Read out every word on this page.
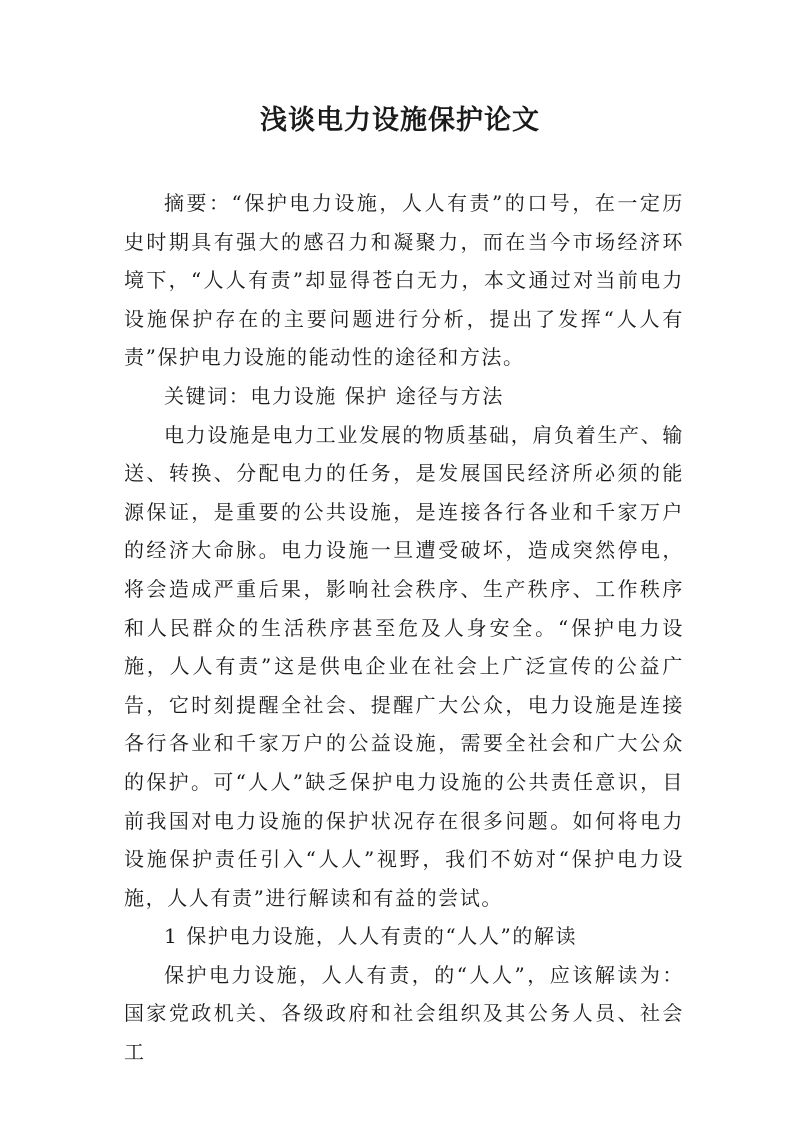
浅谈电力设施保护论文

摘要：“保护电力设施，人人有责”的口号，在一定历史时期具有强大的感召力和凝聚力，而在当今市场经济环境下，“人人有责”却显得苍白无力，本文通过对当前电力设施保护存在的主要问题进行分析，提出了发挥“人人有责”保护电力设施的能动性的途径和方法。

关键词：电力设施 保护 途径与方法

电力设施是电力工业发展的物质基础，肩负着生产、输送、转换、分配电力的任务，是发展国民经济所必须的能源保证，是重要的公共设施，是连接各行各业和千家万户的经济大命脉。电力设施一旦遭受破坏，造成突然停电，将会造成严重后果，影响社会秩序、生产秩序、工作秩序和人民群众的生活秩序甚至危及人身安全。“保护电力设施，人人有责”这是供电企业在社会上广泛宣传的公益广告，它时刻提醒全社会、提醒广大公众，电力设施是连接各行各业和千家万户的公益设施，需要全社会和广大公众的保护。可“人人”缺乏保护电力设施的公共责任意识，目前我国对电力设施的保护状况存在很多问题。如何将电力设施保护责任引入“人人”视野，我们不妨对“保护电力设施，人人有责”进行解读和有益的尝试。

1 保护电力设施，人人有责的“人人”的解读

保护电力设施，人人有责，的“人人”，应该解读为：国家党政机关、各级政府和社会组织及其公务人员、社会工
